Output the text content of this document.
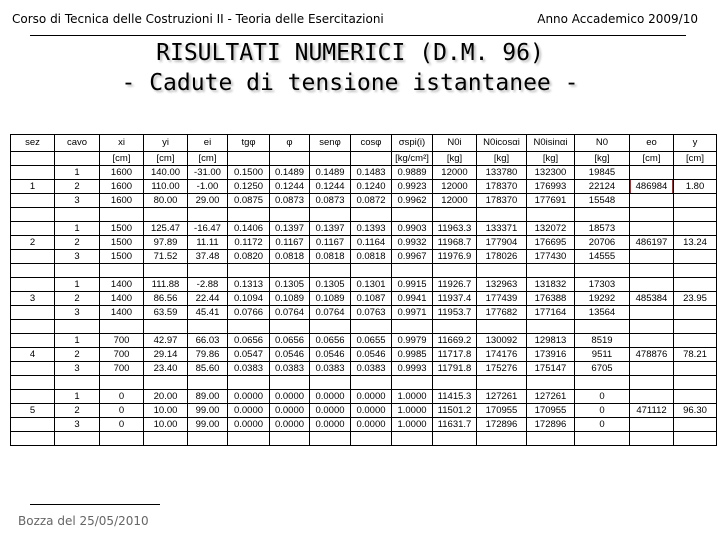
Corso di Tecnica delle Costruzioni II - Teoria delle Esercitazioni	Anno Accademico 2009/10
RISULTATI NUMERICI (D.M. 96)
- Cadute di tensione istantanee -
sez	cavo	xi	yi	ei	tgφ	φ	senφ	cosφ	σspi(i)	N0i	N0icosαi	N0isinαi	N0	eo	y	
		[cm]	[cm]	[cm]					[kg/cm²]	[kg]	[kg]	[kg]	[kg]	[cm]	[cm]	
	1	1600	140.00	-31.00	0.1500	0.1489	0.1489	0.1483	0.9889	12000	133780	132300	19845			
1	2	1600	110.00	-1.00	0.1250	0.1244	0.1244	0.1240	0.9923	12000	178370	176993	22124	486984	1.80	
	3	1600	80.00	29.00	0.0875	0.0873	0.0873	0.0872	0.9962	12000	178370	177691	15548			

	1	1500	125.47	-16.47	0.1406	0.1397	0.1397	0.1393	0.9903	11963.3	133371	132072	18573			
2	2	1500	97.89	11.11	0.1172	0.1167	0.1167	0.1164	0.9932	11968.7	177904	176695	20706	486197	13.24	
	3	1500	71.52	37.48	0.0820	0.0818	0.0818	0.0818	0.9967	11976.9	178026	177430	14555			

	1	1400	111.88	-2.88	0.1313	0.1305	0.1305	0.1301	0.9915	11926.7	132963	131832	17303			
3	2	1400	86.56	22.44	0.1094	0.1089	0.1089	0.1087	0.9941	11937.4	177439	176388	19292	485384	23.95	
	3	1400	63.59	45.41	0.0766	0.0764	0.0764	0.0763	0.9971	11953.7	177682	177164	13564			

	1	700	42.97	66.03	0.0656	0.0656	0.0656	0.0655	0.9979	11669.2	130092	129813	8519			
4	2	700	29.14	79.86	0.0547	0.0546	0.0546	0.0546	0.9985	11717.8	174176	173916	9511	478876	78.21	
	3	700	23.40	85.60	0.0383	0.0383	0.0383	0.0383	0.9993	11791.8	175276	175147	6705			

	1	0	20.00	89.00	0.0000	0.0000	0.0000	0.0000	1.0000	11415.3	127261	127261	0			
5	2	0	10.00	99.00	0.0000	0.0000	0.0000	0.0000	1.0000	11501.2	170955	170955	0	471112	96.30	
	3	0	10.00	99.00	0.0000	0.0000	0.0000	0.0000	1.0000	11631.7	172896	172896	0			

Bozza del 25/05/2010
